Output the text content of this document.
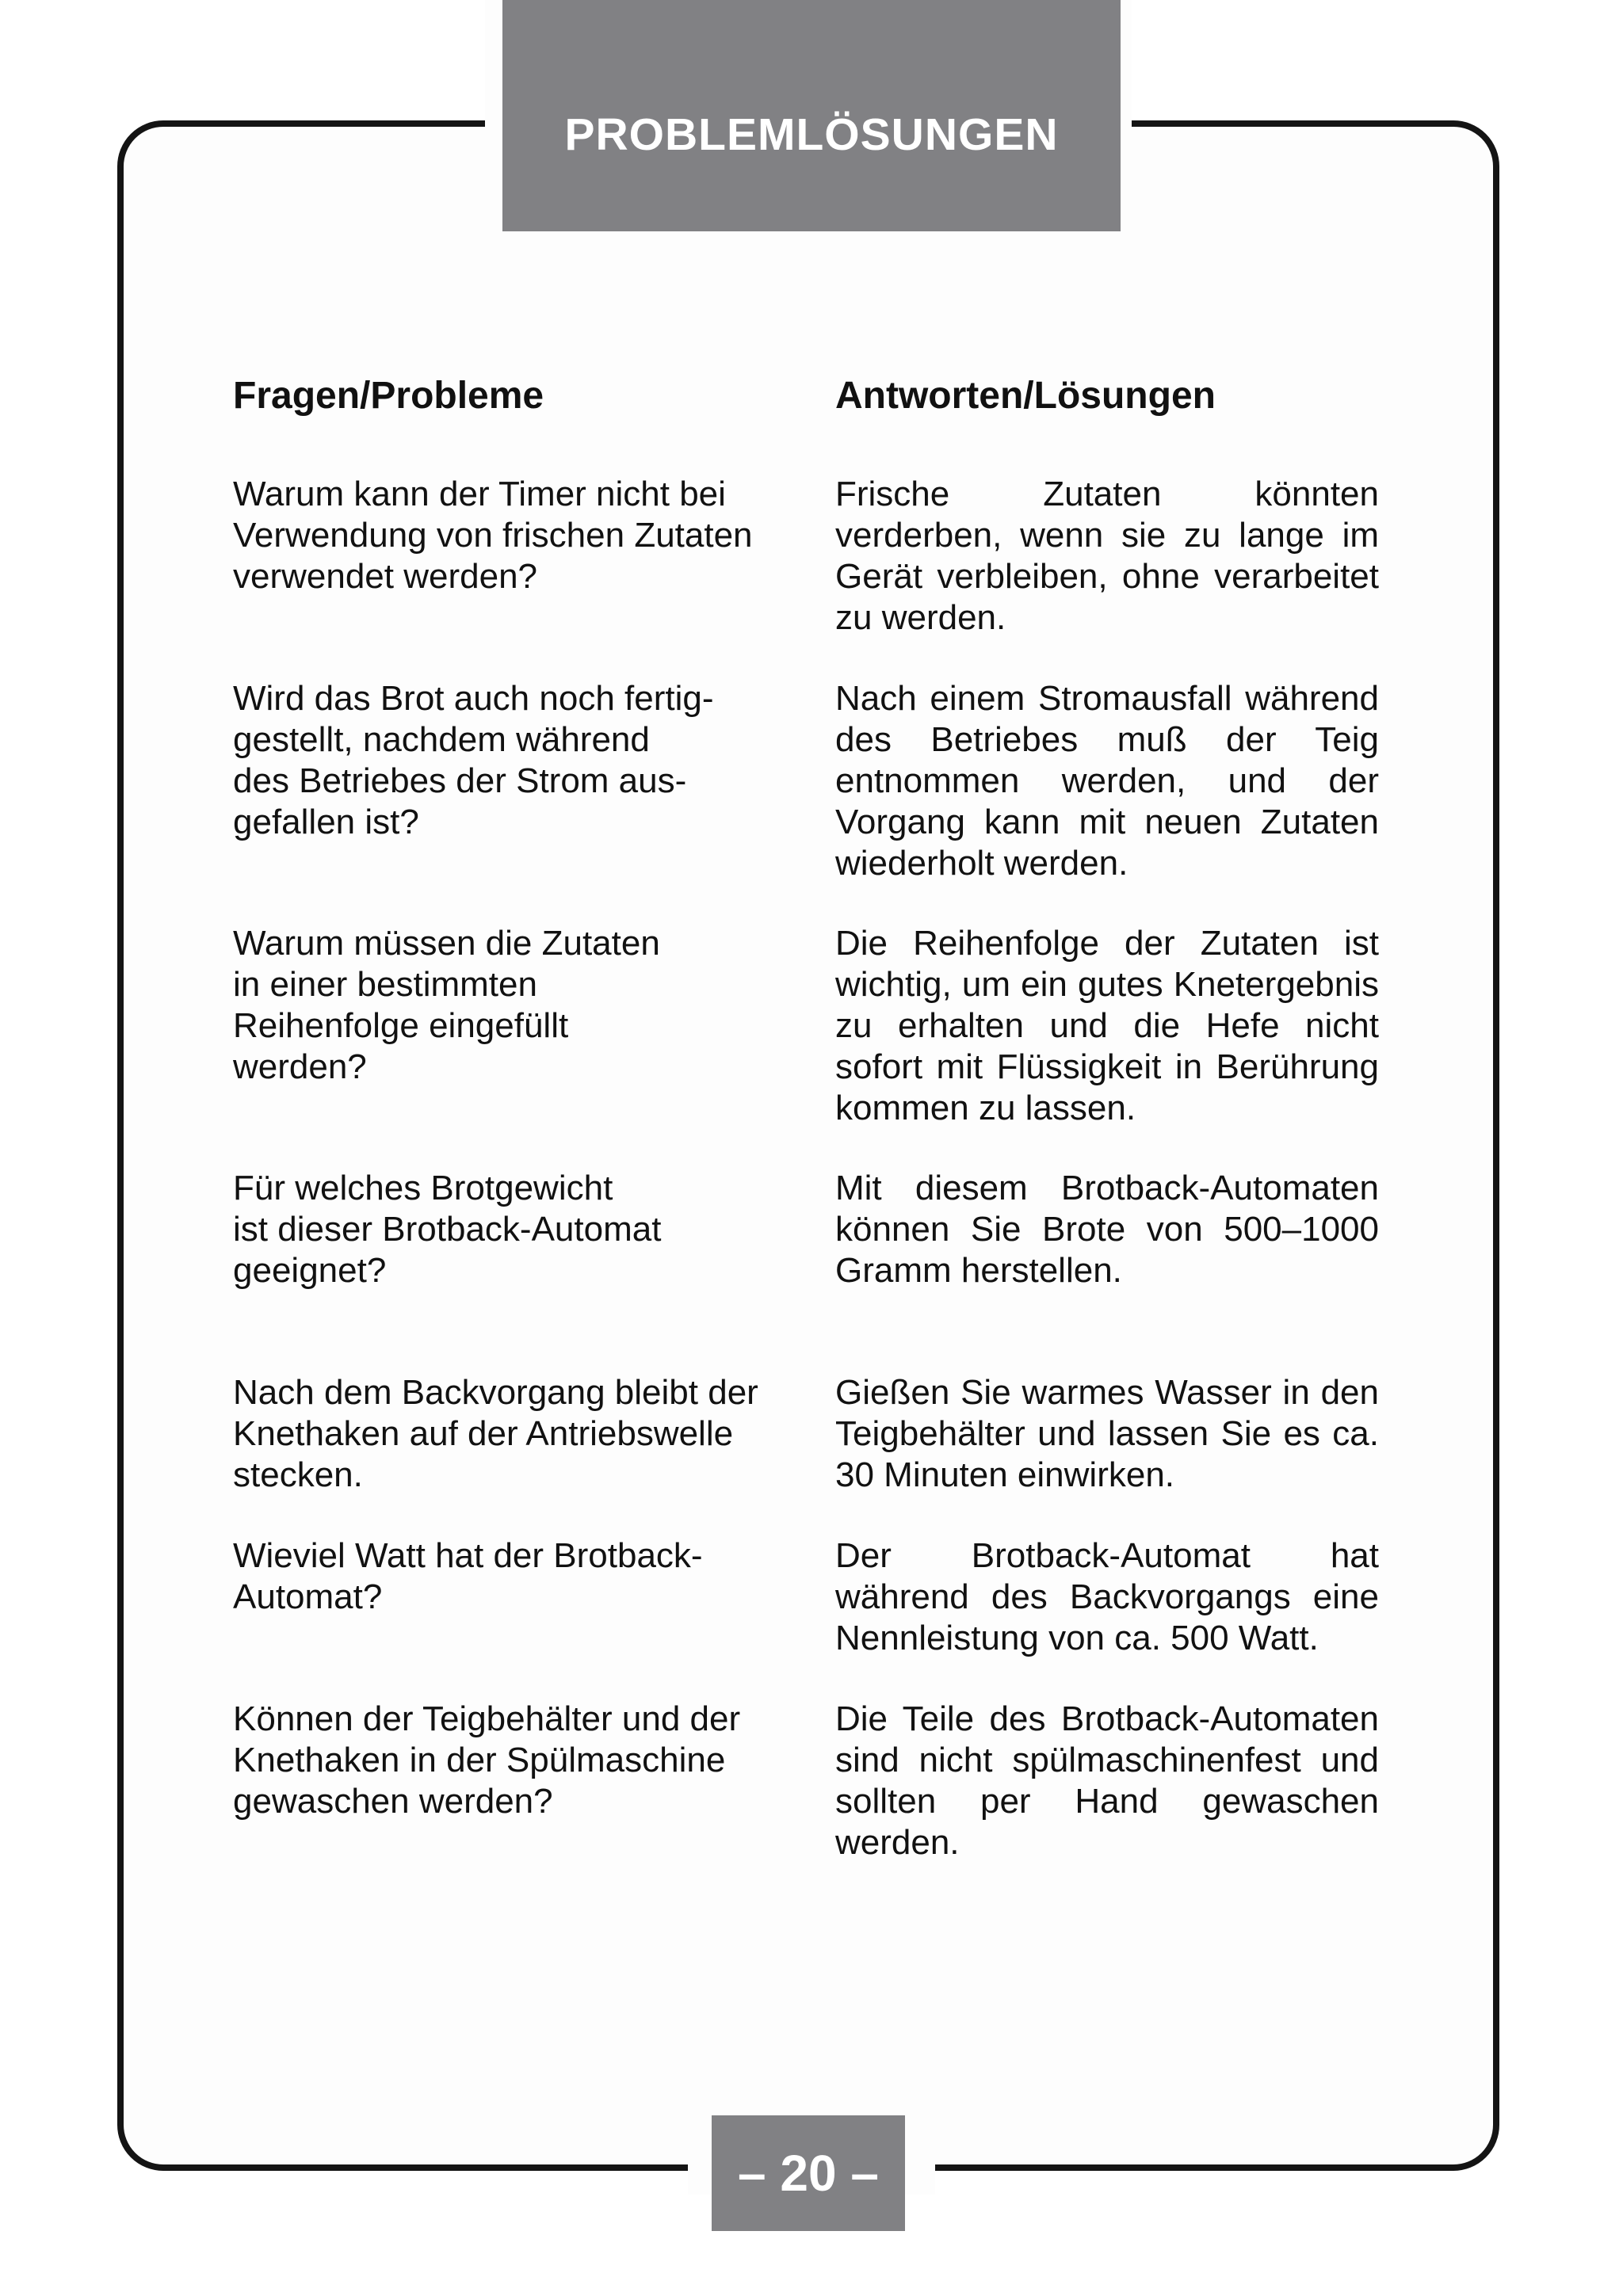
PROBLEMLÖSUNGEN
Fragen/Probleme	Antworten/Lösungen

Warum kann der Timer nicht bei
Verwendung von frischen Zutaten
verwendet werden?

Frische Zutaten könnten verderben, wenn sie zu lange im Gerät verbleiben, ohne verarbeitet zu werden.

Wird das Brot auch noch fertig-
gestellt, nachdem während
des Betriebes der Strom aus-
gefallen ist?

Nach einem Stromausfall während des Betriebes muß der Teig entnommen werden, und der Vorgang kann mit neuen Zutaten wiederholt werden.

Warum müssen die Zutaten
in einer bestimmten
Reihenfolge eingefüllt
werden?

Die Reihenfolge der Zutaten ist wichtig, um ein gutes Knetergebnis zu erhalten und die Hefe nicht sofort mit Flüssigkeit in Berührung kommen zu lassen.

Für welches Brotgewicht
ist dieser Brotback-Automat
geeignet?

Mit diesem Brotback-Automaten können Sie Brote von 500–1000 Gramm herstellen.

Nach dem Backvorgang bleibt der
Knethaken auf der Antriebswelle
stecken.

Gießen Sie warmes Wasser in den Teigbehälter und lassen Sie es ca. 30 Minuten einwirken.

Wieviel Watt hat der Brotback-
Automat?

Der Brotback-Automat hat während des Backvorgangs eine Nennleistung von ca. 500 Watt.

Können der Teigbehälter und der
Knethaken in der Spülmaschine
gewaschen werden?

Die Teile des Brotback-Automaten sind nicht spülmaschinenfest und sollten per Hand gewaschen werden.

– 20 –
